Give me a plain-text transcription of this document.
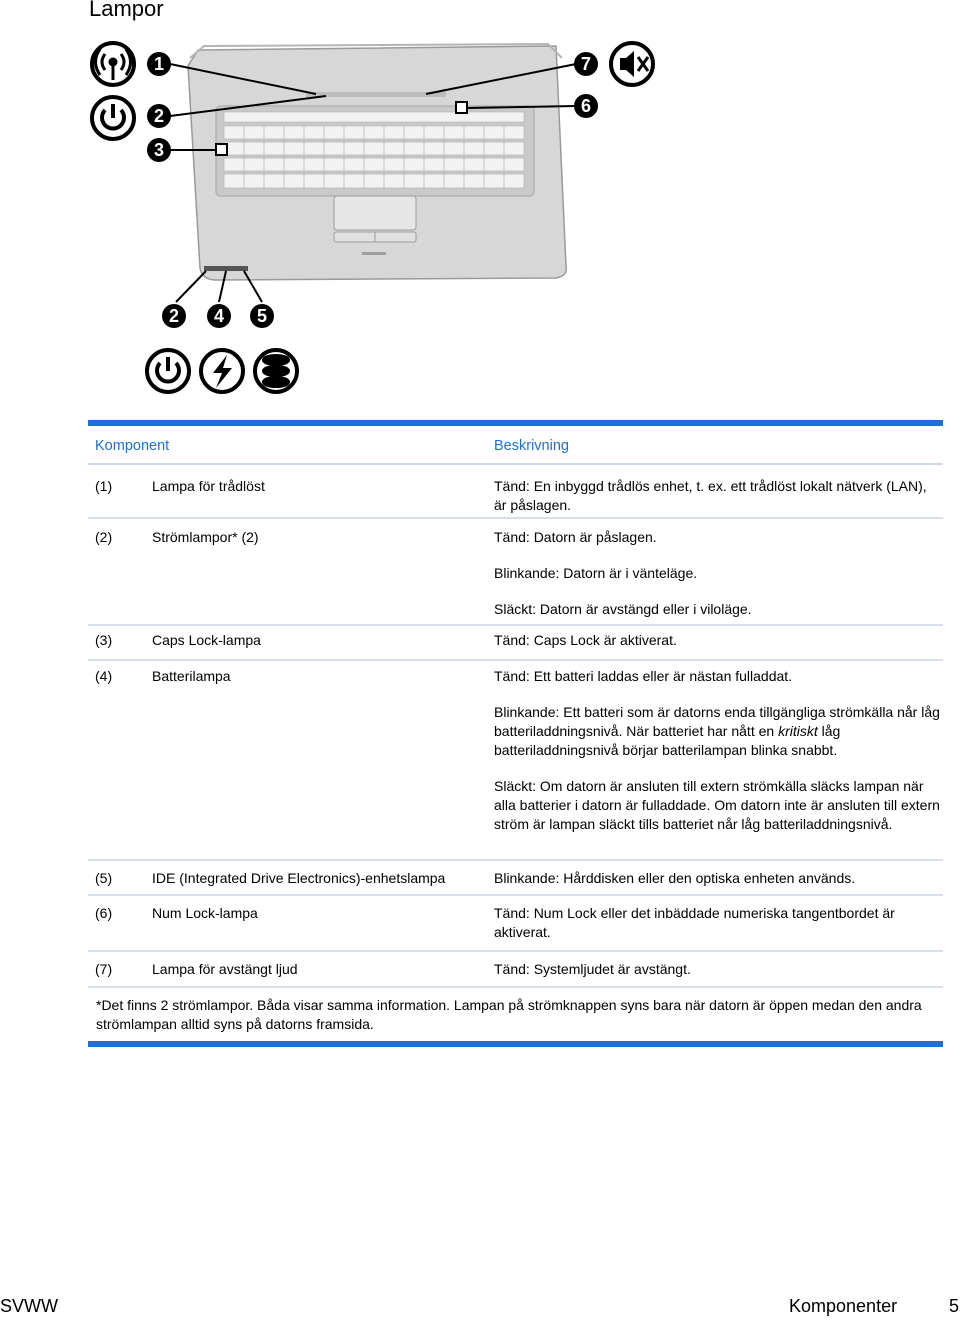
Lampor
1
2
3
7
6
2 4 5
Komponent	Beskrivning
(1)	Lampa för trådlöst	Tänd: En inbyggd trådlös enhet, t. ex. ett trådlöst lokalt nätverk (LAN), är påslagen.
(2)	Strömlampor* (2)	Tänd: Datorn är påslagen.
Blinkande: Datorn är i vänteläge.
Släckt: Datorn är avstängd eller i viloläge.
(3)	Caps Lock-lampa	Tänd: Caps Lock är aktiverat.
(4)	Batterilampa	Tänd: Ett batteri laddas eller är nästan fulladdat.
Blinkande: Ett batteri som är datorns enda tillgängliga strömkälla når låg batteriladdningsnivå. När batteriet har nått en kritiskt låg batteriladdningsnivå börjar batterilampan blinka snabbt.
Släckt: Om datorn är ansluten till extern strömkälla släcks lampan när alla batterier i datorn är fulladdade. Om datorn inte är ansluten till extern ström är lampan släckt tills batteriet når låg batteriladdningsnivå.
(5)	IDE (Integrated Drive Electronics)-enhetslampa	Blinkande: Hårddisken eller den optiska enheten används.
(6)	Num Lock-lampa	Tänd: Num Lock eller det inbäddade numeriska tangentbordet är aktiverat.
(7)	Lampa för avstängt ljud	Tänd: Systemljudet är avstängt.
*Det finns 2 strömlampor. Båda visar samma information. Lampan på strömknappen syns bara när datorn är öppen medan den andra strömlampan alltid syns på datorns framsida.
SVWW	Komponenter	5
